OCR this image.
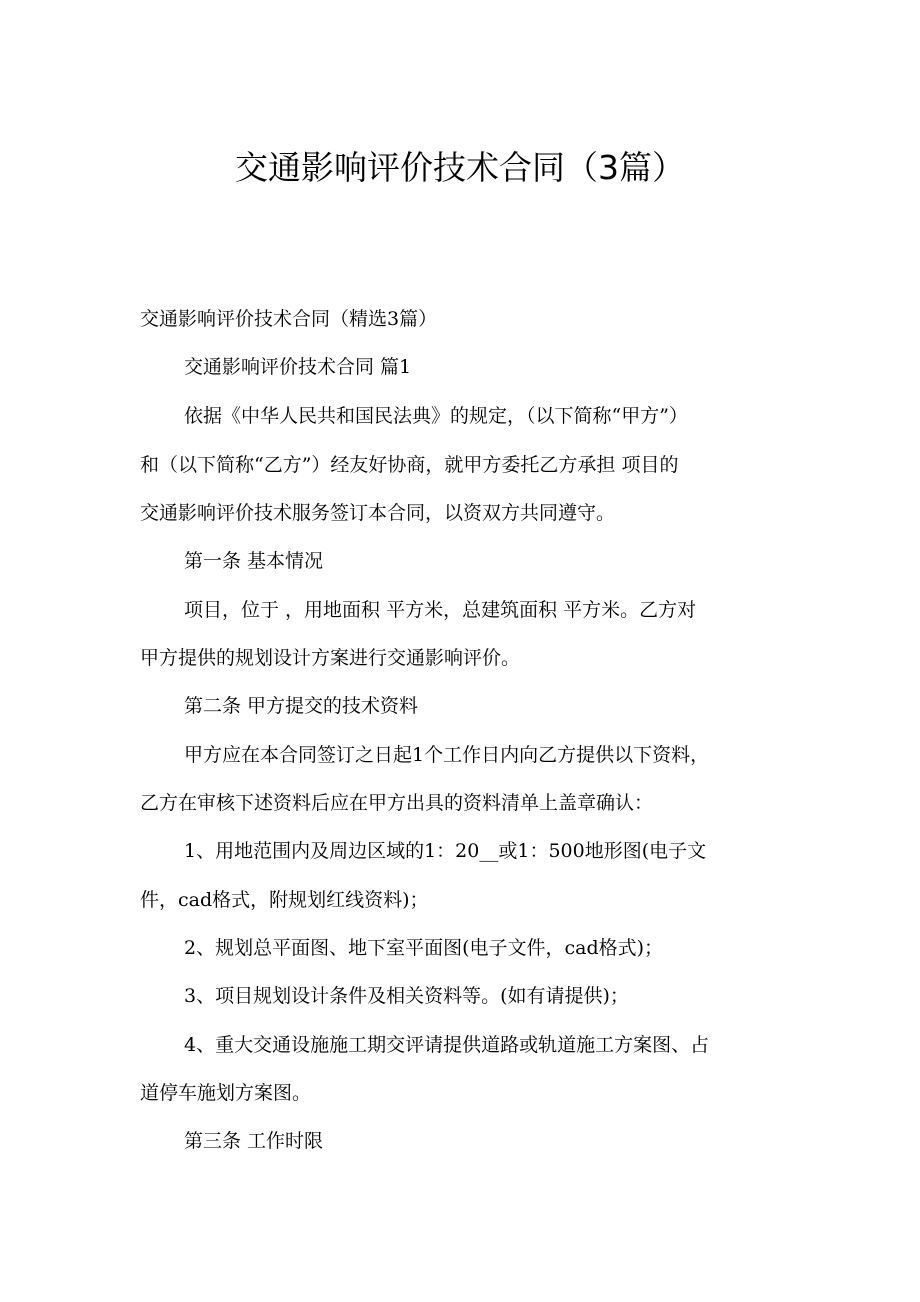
交通影响评价技术合同（3篇）
交通影响评价技术合同（精选3篇）
交通影响评价技术合同 篇1
依据《中华人民共和国民法典》的规定，（以下简称“甲方”）
和（以下简称“乙方”）经友好协商，就甲方委托乙方承担 项目的
交通影响评价技术服务签订本合同，以资双方共同遵守。
第一条 基本情况
项目，位于 ，用地面积 平方米，总建筑面积 平方米。乙方对
甲方提供的规划设计方案进行交通影响评价。
第二条 甲方提交的技术资料
甲方应在本合同签订之日起1个工作日内向乙方提供以下资料，
乙方在审核下述资料后应在甲方出具的资料清单上盖章确认：
1、用地范围内及周边区域的1：20__或1：500地形图(电子文
件，cad格式，附规划红线资料)；
2、规划总平面图、地下室平面图(电子文件，cad格式)；
3、项目规划设计条件及相关资料等。(如有请提供)；
4、重大交通设施施工期交评请提供道路或轨道施工方案图、占
道停车施划方案图。
第三条 工作时限
